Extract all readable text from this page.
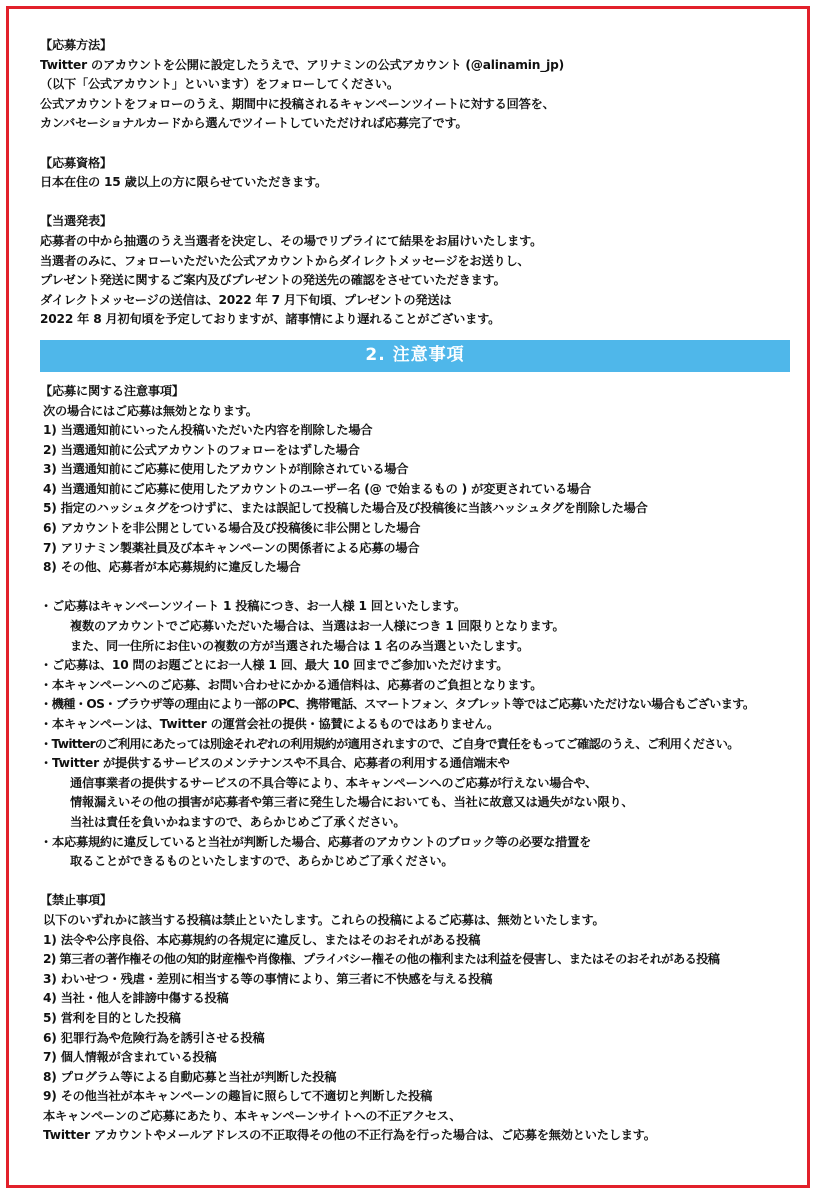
【応募方法】
Twitter のアカウントを公開に設定したうえで、アリナミンの公式アカウント (@alinamin_jp)
（以下「公式アカウント」といいます）をフォローしてください。
公式アカウントをフォローのうえ、期間中に投稿されるキャンペーンツイートに対する回答を、
カンバセーショナルカードから選んでツイートしていただければ応募完了です。
【応募資格】
日本在住の 15 歳以上の方に限らせていただきます。
【当選発表】
応募者の中から抽選のうえ当選者を決定し、その場でリプライにて結果をお届けいたします。
当選者のみに、フォローいただいた公式アカウントからダイレクトメッセージをお送りし、
プレゼント発送に関するご案内及びプレゼントの発送先の確認をさせていただきます。
ダイレクトメッセージの送信は、2022 年 7 月下旬頃、プレゼントの発送は
2022 年 8 月初旬頃を予定しておりますが、諸事情により遅れることがございます。
2. 注意事項
【応募に関する注意事項】
次の場合にはご応募は無効となります。
1) 当選通知前にいったん投稿いただいた内容を削除した場合
2) 当選通知前に公式アカウントのフォローをはずした場合
3) 当選通知前にご応募に使用したアカウントが削除されている場合
4) 当選通知前にご応募に使用したアカウントのユーザー名 (@ で始まるもの ) が変更されている場合
5) 指定のハッシュタグをつけずに、または誤記して投稿した場合及び投稿後に当該ハッシュタグを削除した場合
6) アカウントを非公開としている場合及び投稿後に非公開とした場合
7) アリナミン製薬社員及び本キャンペーンの関係者による応募の場合
8) その他、応募者が本応募規約に違反した場合
・ご応募はキャンペーンツイート 1 投稿につき、お一人様 1 回といたします。
複数のアカウントでご応募いただいた場合は、当選はお一人様につき 1 回限りとなります。
また、同一住所にお住いの複数の方が当選された場合は 1 名のみ当選といたします。
・ご応募は、10 問のお題ごとにお一人様 1 回、最大 10 回までご参加いただけます。
・本キャンペーンへのご応募、お問い合わせにかかる通信料は、応募者のご負担となります。
・機種・OS・ブラウザ等の理由により一部のPC、携帯電話、スマートフォン、タブレット等ではご応募いただけない場合もございます。
・本キャンペーンは、Twitter の運営会社の提供・協賛によるものではありません。
・Twitterのご利用にあたっては別途それぞれの利用規約が適用されますので、ご自身で責任をもってご確認のうえ、ご利用ください。
・Twitter が提供するサービスのメンテナンスや不具合、応募者の利用する通信端末や
通信事業者の提供するサービスの不具合等により、本キャンペーンへのご応募が行えない場合や、
情報漏えいその他の損害が応募者や第三者に発生した場合においても、当社に故意又は過失がない限り、
当社は責任を負いかねますので、あらかじめご了承ください。
・本応募規約に違反していると当社が判断した場合、応募者のアカウントのブロック等の必要な措置を
取ることができるものといたしますので、あらかじめご了承ください。
【禁止事項】
以下のいずれかに該当する投稿は禁止といたします。これらの投稿によるご応募は、無効といたします。
1) 法令や公序良俗、本応募規約の各規定に違反し、またはそのおそれがある投稿
2) 第三者の著作権その他の知的財産権や肖像権、プライバシー権その他の権利または利益を侵害し、またはそのおそれがある投稿
3) わいせつ・残虐・差別に相当する等の事情により、第三者に不快感を与える投稿
4) 当社・他人を誹謗中傷する投稿
5) 営利を目的とした投稿
6) 犯罪行為や危険行為を誘引させる投稿
7) 個人情報が含まれている投稿
8) プログラム等による自動応募と当社が判断した投稿
9) その他当社が本キャンペーンの趣旨に照らして不適切と判断した投稿
本キャンペーンのご応募にあたり、本キャンペーンサイトへの不正アクセス、
Twitter アカウントやメールアドレスの不正取得その他の不正行為を行った場合は、ご応募を無効といたします。
